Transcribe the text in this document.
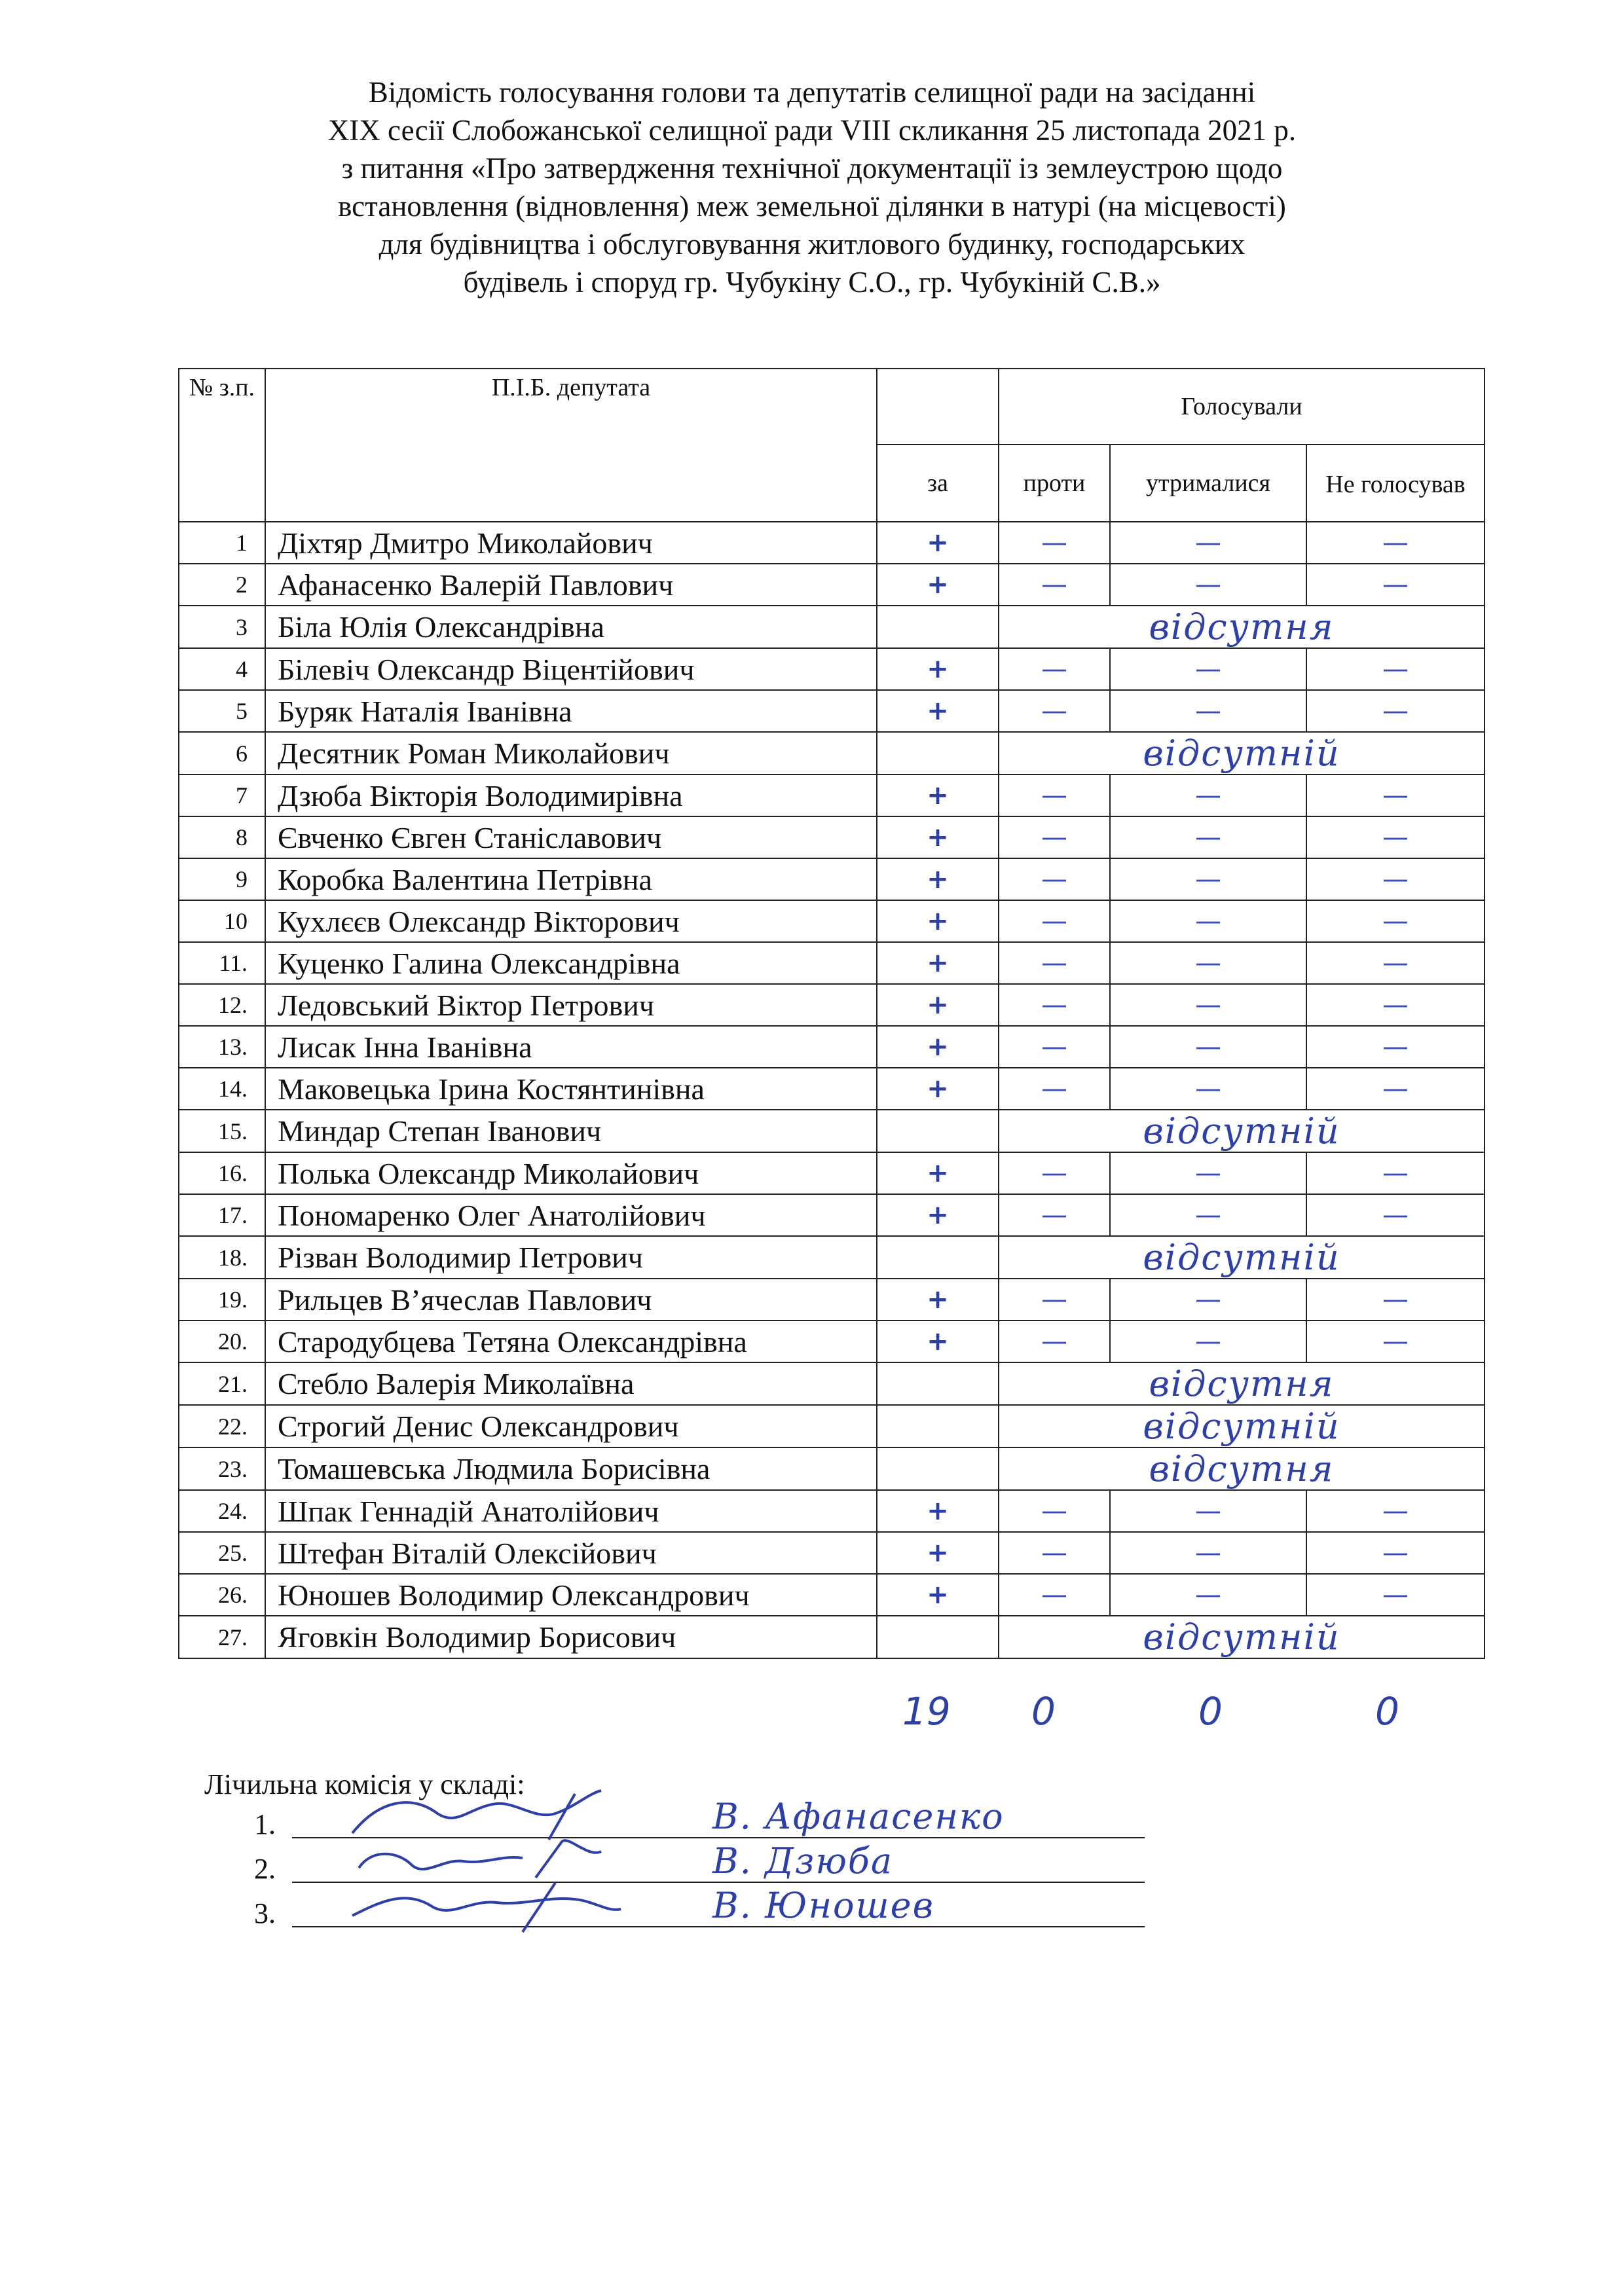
Відомість голосування голови та депутатів селищної ради на засіданні
XIX сесії Слобожанської селищної ради VIII скликання 25 листопада 2021 р.
з питання «Про затвердження технічної документації із землеустрою щодо
встановлення (відновлення) меж земельної ділянки в натурі (на місцевості)
для будівництва і обслуговування житлового будинку, господарських
будівель і споруд гр. Чубукіну С.О., гр. Чубукіній С.В.»
№ з.п.	П.І.Б. депутата		Голосували		
		за	проти	утрималися	Не голосував
1	Діхтяр Дмитро Миколайович	+	—	—	—
2	Афанасенко Валерій Павлович	+	—	—	—
3	Біла Юлія Олександрівна		відсутня		
4	Білевіч Олександр Віцентійович	+	—	—	—
5	Буряк Наталія Іванівна	+	—	—	—
6	Десятник Роман Миколайович		відсутній		
7	Дзюба Вікторія Володимирівна	+	—	—	—
8	Євченко Євген Станіславович	+	—	—	—
9	Коробка Валентина Петрівна	+	—	—	—
10	Кухлєєв Олександр Вікторович	+	—	—	—
11.	Куценко Галина Олександрівна	+	—	—	—
12.	Ледовський Віктор Петрович	+	—	—	—
13.	Лисак Інна Іванівна	+	—	—	—
14.	Маковецька Ірина Костянтинівна	+	—	—	—
15.	Миндар Степан Іванович		відсутній		
16.	Полька Олександр Миколайович	+	—	—	—
17.	Пономаренко Олег Анатолійович	+	—	—	—
18.	Різван Володимир Петрович		відсутній		
19.	Рильцев В’ячеслав Павлович	+	—	—	—
20.	Стародубцева Тетяна Олександрівна	+	—	—	—
21.	Стебло Валерія Миколаївна		відсутня		
22.	Строгий Денис Олександрович		відсутній		
23.	Томашевська Людмила Борисівна		відсутня		
24.	Шпак Геннадій Анатолійович	+	—	—	—
25.	Штефан Віталій Олексійович	+	—	—	—
26.	Юношев Володимир Олександрович	+	—	—	—
27.	Яговкін Володимир Борисович		відсутній		
19 0	0	0
Лічильна комісія у складі:
1.	В. Афанасенко
2.	В. Дзюба
3.	В. Юношев
